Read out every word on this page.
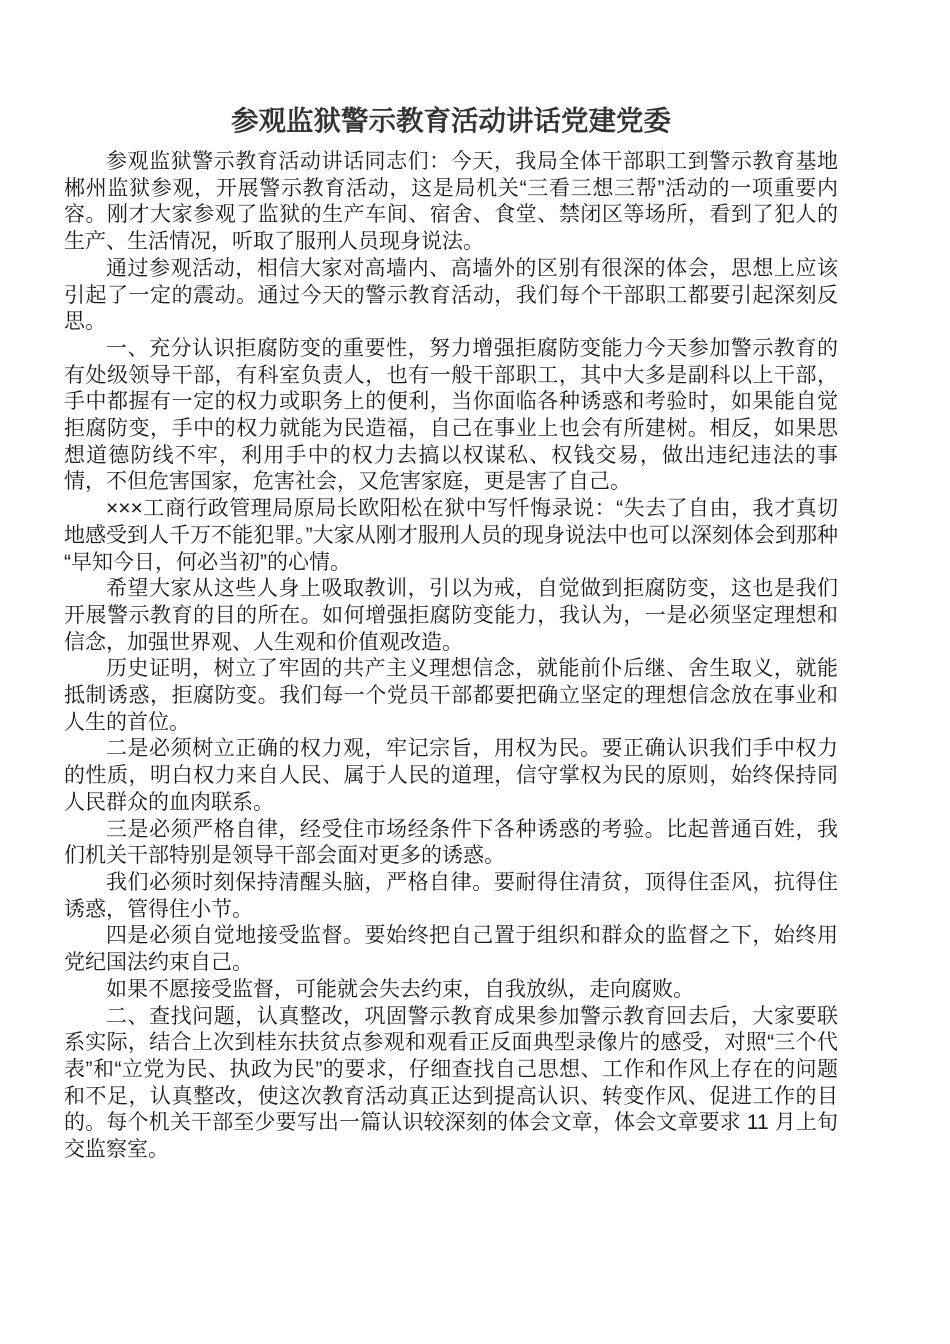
参观监狱警示教育活动讲话党建党委

参观监狱警示教育活动讲话同志们：今天，我局全体干部职工到警示教育基地郴州监狱参观，开展警示教育活动，这是局机关“三看三想三帮”活动的一项重要内容。刚才大家参观了监狱的生产车间、宿舍、食堂、禁闭区等场所，看到了犯人的生产、生活情况，听取了服刑人员现身说法。

通过参观活动，相信大家对高墙内、高墙外的区别有很深的体会，思想上应该引起了一定的震动。通过今天的警示教育活动，我们每个干部职工都要引起深刻反思。

一、充分认识拒腐防变的重要性，努力增强拒腐防变能力今天参加警示教育的有处级领导干部，有科室负责人，也有一般干部职工，其中大多是副科以上干部，手中都握有一定的权力或职务上的便利，当你面临各种诱惑和考验时，如果能自觉拒腐防变，手中的权力就能为民造福，自己在事业上也会有所建树。相反，如果思想道德防线不牢，利用手中的权力去搞以权谋私、权钱交易，做出违纪违法的事情，不但危害国家，危害社会，又危害家庭，更是害了自己。

×××工商行政管理局原局长欧阳松在狱中写忏悔录说：“失去了自由，我才真切地感受到人千万不能犯罪。”大家从刚才服刑人员的现身说法中也可以深刻体会到那种“早知今日，何必当初”的心情。

希望大家从这些人身上吸取教训，引以为戒，自觉做到拒腐防变，这也是我们开展警示教育的目的所在。如何增强拒腐防变能力，我认为，一是必须坚定理想和信念，加强世界观、人生观和价值观改造。

历史证明，树立了牢固的共产主义理想信念，就能前仆后继、舍生取义，就能抵制诱惑，拒腐防变。我们每一个党员干部都要把确立坚定的理想信念放在事业和人生的首位。

二是必须树立正确的权力观，牢记宗旨，用权为民。要正确认识我们手中权力的性质，明白权力来自人民、属于人民的道理，信守掌权为民的原则，始终保持同人民群众的血肉联系。

三是必须严格自律，经受住市场经条件下各种诱惑的考验。比起普通百姓，我们机关干部特别是领导干部会面对更多的诱惑。

我们必须时刻保持清醒头脑，严格自律。要耐得住清贫，顶得住歪风，抗得住诱惑，管得住小节。

四是必须自觉地接受监督。要始终把自己置于组织和群众的监督之下，始终用党纪国法约束自己。

如果不愿接受监督，可能就会失去约束，自我放纵，走向腐败。

二、查找问题，认真整改，巩固警示教育成果参加警示教育回去后，大家要联系实际，结合上次到桂东扶贫点参观和观看正反面典型录像片的感受，对照“三个代表”和“立党为民、执政为民”的要求，仔细查找自己思想、工作和作风上存在的问题和不足，认真整改，使这次教育活动真正达到提高认识、转变作风、促进工作的目的。每个机关干部至少要写出一篇认识较深刻的体会文章，体会文章要求 11 月上旬交监察室。
